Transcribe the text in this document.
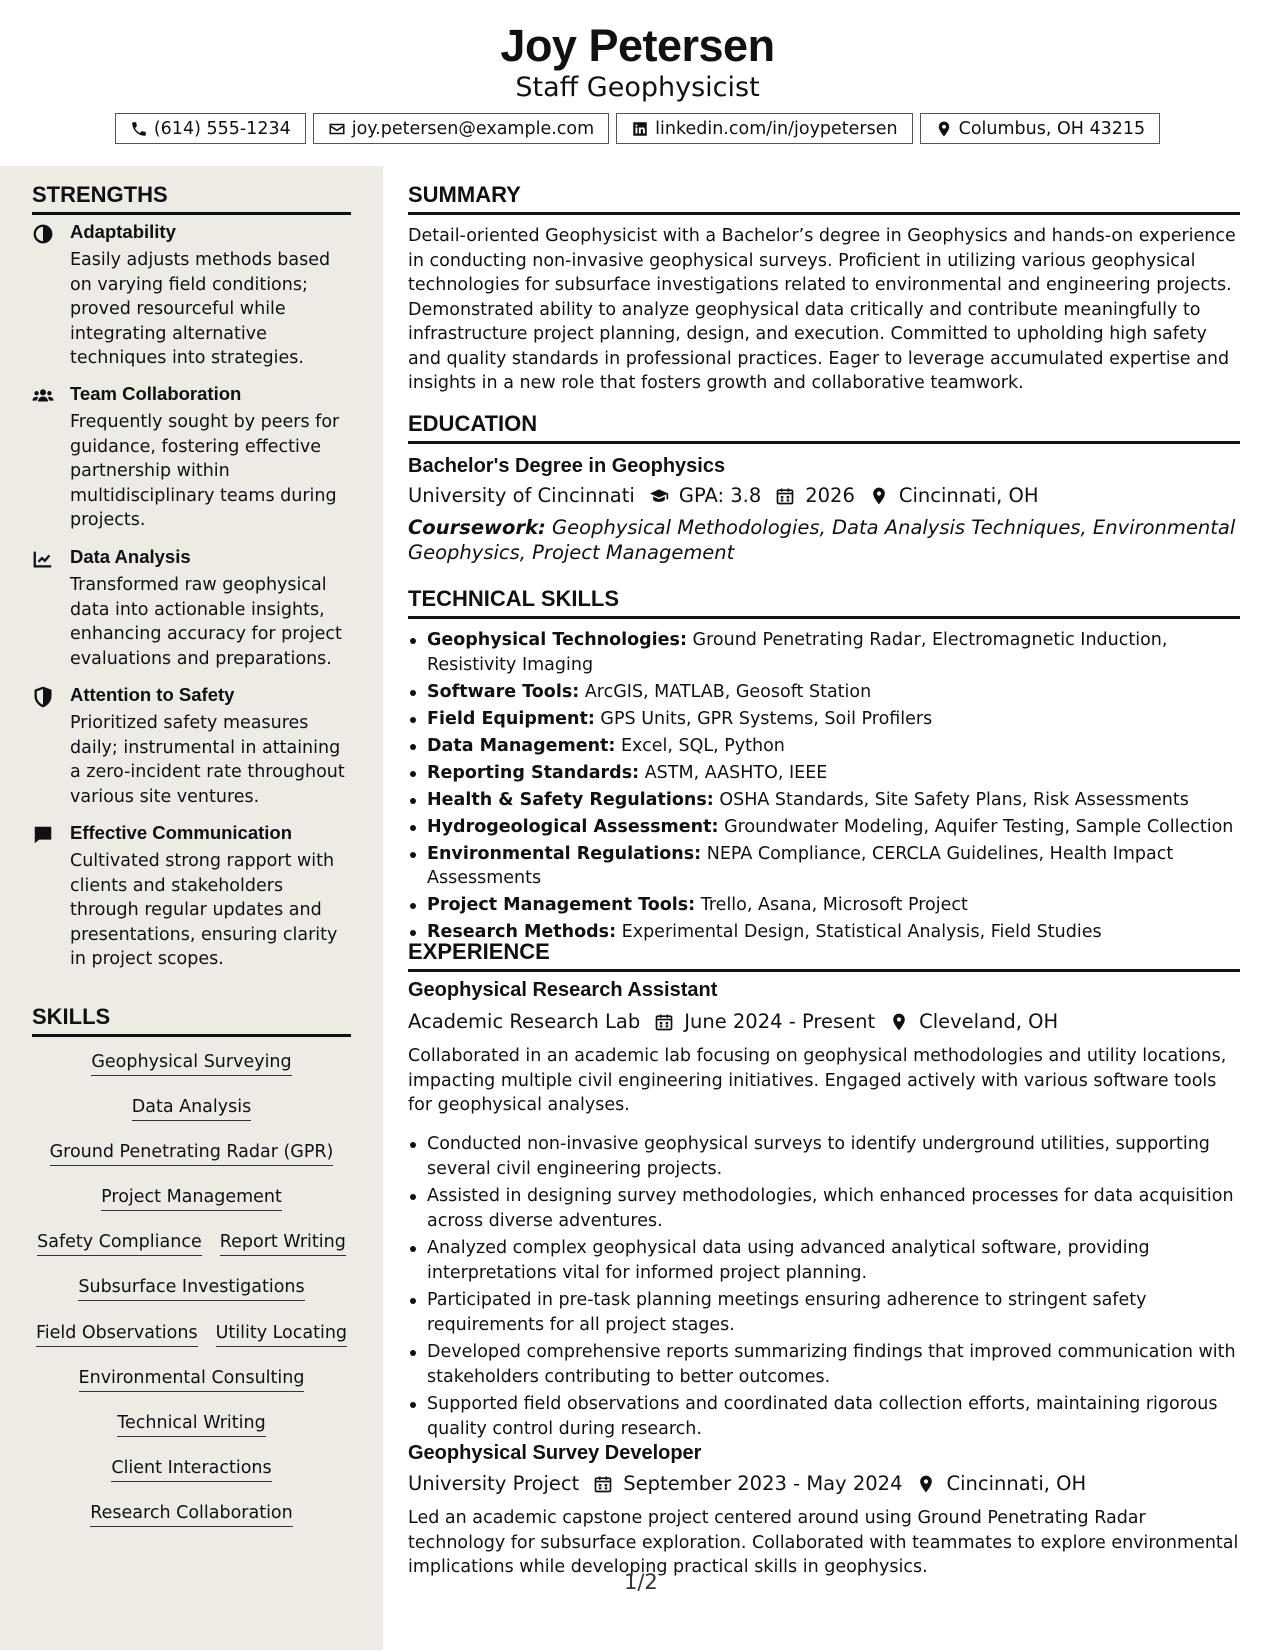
Joy Petersen
Staff Geophysicist
(614) 555-1234	joy.petersen@example.com	linkedin.com/in/joypetersen	Columbus, OH 43215
STRENGTHS
Adaptability
Easily adjusts methods based on varying field conditions; proved resourceful while integrating alternative techniques into strategies.
Team Collaboration
Frequently sought by peers for guidance, fostering effective partnership within multidisciplinary teams during projects.
Data Analysis
Transformed raw geophysical data into actionable insights, enhancing accuracy for project evaluations and preparations.
Attention to Safety
Prioritized safety measures daily; instrumental in attaining a zero-incident rate throughout various site ventures.
Effective Communication
Cultivated strong rapport with clients and stakeholders through regular updates and presentations, ensuring clarity in project scopes.
SKILLS
Geophysical Surveying
Data Analysis
Ground Penetrating Radar (GPR)
Project Management
Safety Compliance Report Writing
Subsurface Investigations
Field Observations Utility Locating
Environmental Consulting
Technical Writing
Client Interactions
Research Collaboration
SUMMARY
Detail-oriented Geophysicist with a Bachelor’s degree in Geophysics and hands-on experience in conducting non-invasive geophysical surveys. Proficient in utilizing various geophysical technologies for subsurface investigations related to environmental and engineering projects. Demonstrated ability to analyze geophysical data critically and contribute meaningfully to infrastructure project planning, design, and execution. Committed to upholding high safety and quality standards in professional practices. Eager to leverage accumulated expertise and insights in a new role that fosters growth and collaborative teamwork.
EDUCATION
Bachelor's Degree in Geophysics
University of Cincinnati GPA: 3.8 2026 Cincinnati, OH
Coursework: Geophysical Methodologies, Data Analysis Techniques, Environmental Geophysics, Project Management
TECHNICAL SKILLS
Geophysical Technologies: Ground Penetrating Radar, Electromagnetic Induction, Resistivity Imaging
Software Tools: ArcGIS, MATLAB, Geosoft Station
Field Equipment: GPS Units, GPR Systems, Soil Profilers
Data Management: Excel, SQL, Python
Reporting Standards: ASTM, AASHTO, IEEE
Health & Safety Regulations: OSHA Standards, Site Safety Plans, Risk Assessments
Hydrogeological Assessment: Groundwater Modeling, Aquifer Testing, Sample Collection
Environmental Regulations: NEPA Compliance, CERCLA Guidelines, Health Impact Assessments
Project Management Tools: Trello, Asana, Microsoft Project
Research Methods: Experimental Design, Statistical Analysis, Field Studies
EXPERIENCE
Geophysical Research Assistant
Academic Research Lab June 2024 - Present Cleveland, OH
Collaborated in an academic lab focusing on geophysical methodologies and utility locations, impacting multiple civil engineering initiatives. Engaged actively with various software tools for geophysical analyses.
Conducted non-invasive geophysical surveys to identify underground utilities, supporting several civil engineering projects.
Assisted in designing survey methodologies, which enhanced processes for data acquisition across diverse adventures.
Analyzed complex geophysical data using advanced analytical software, providing interpretations vital for informed project planning.
Participated in pre-task planning meetings ensuring adherence to stringent safety requirements for all project stages.
Developed comprehensive reports summarizing findings that improved communication with stakeholders contributing to better outcomes.
Supported field observations and coordinated data collection efforts, maintaining rigorous quality control during research.
Geophysical Survey Developer
University Project September 2023 - May 2024 Cincinnati, OH
Led an academic capstone project centered around using Ground Penetrating Radar technology for subsurface exploration. Collaborated with teammates to explore environmental implications while developing practical skills in geophysics.
1/2
